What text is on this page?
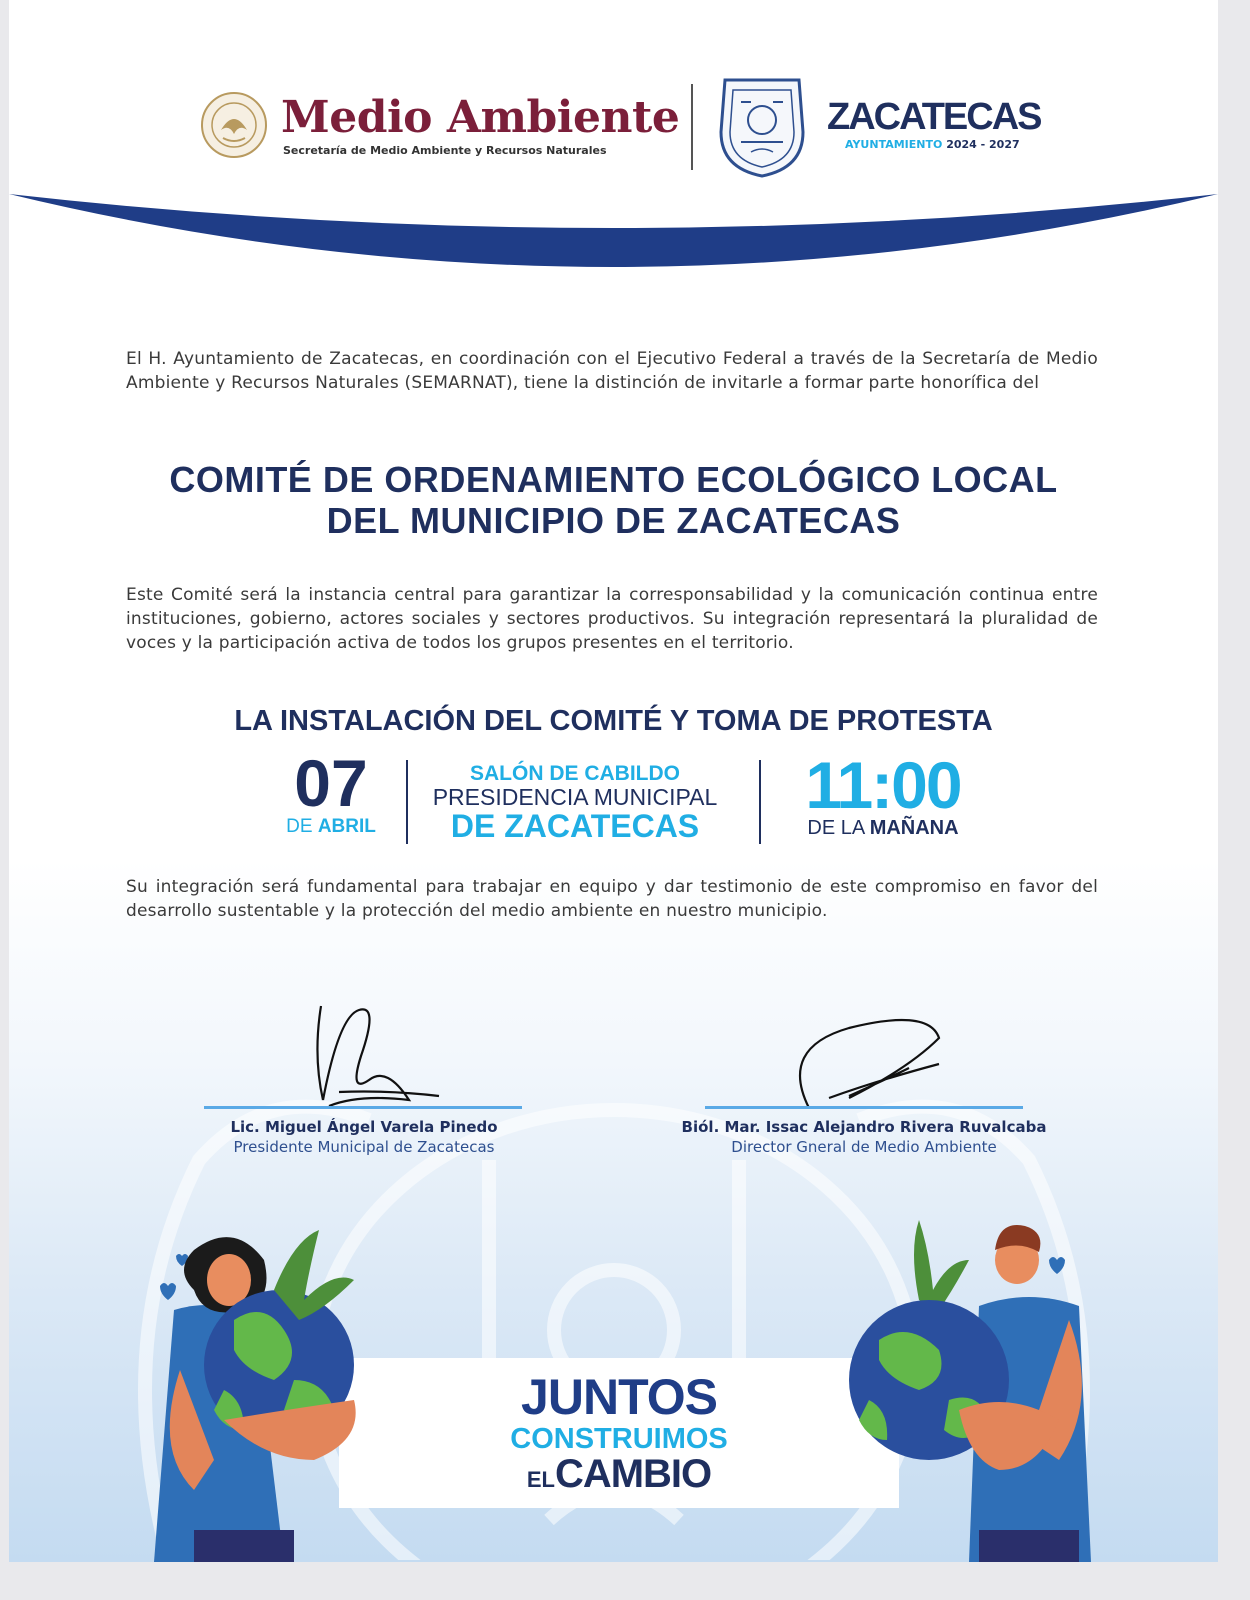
Medio Ambiente
Secretaría de Medio Ambiente y Recursos Naturales
ZACATECAS
AYUNTAMIENTO 2024 - 2027
El H. Ayuntamiento de Zacatecas, en coordinación con el Ejecutivo Federal a través de la Secretaría de Medio Ambiente y Recursos Naturales (SEMARNAT), tiene la distinción de invitarle a formar parte honorífica del
COMITÉ DE ORDENAMIENTO ECOLÓGICO LOCAL
DEL MUNICIPIO DE ZACATECAS
Este Comité será la instancia central para garantizar la corresponsabilidad y la comunicación continua entre instituciones, gobierno, actores sociales y sectores productivos. Su integración representará la pluralidad de voces y la participación activa de todos los grupos presentes en el territorio.
LA INSTALACIÓN DEL COMITÉ Y TOMA DE PROTESTA
07
DE ABRIL
SALÓN DE CABILDO
PRESIDENCIA MUNICIPAL
DE ZACATECAS
11:00
DE LA MAÑANA
Su integración será fundamental para trabajar en equipo y dar testimonio de este compromiso en favor del desarrollo sustentable y la protección del medio ambiente en nuestro municipio.
Lic. Miguel Ángel Varela Pinedo
Presidente Municipal de Zacatecas
Biól. Mar. Issac Alejandro Rivera Ruvalcaba
Director Gneral de Medio Ambiente
JUNTOS
CONSTRUIMOS
ELCAMBIO
